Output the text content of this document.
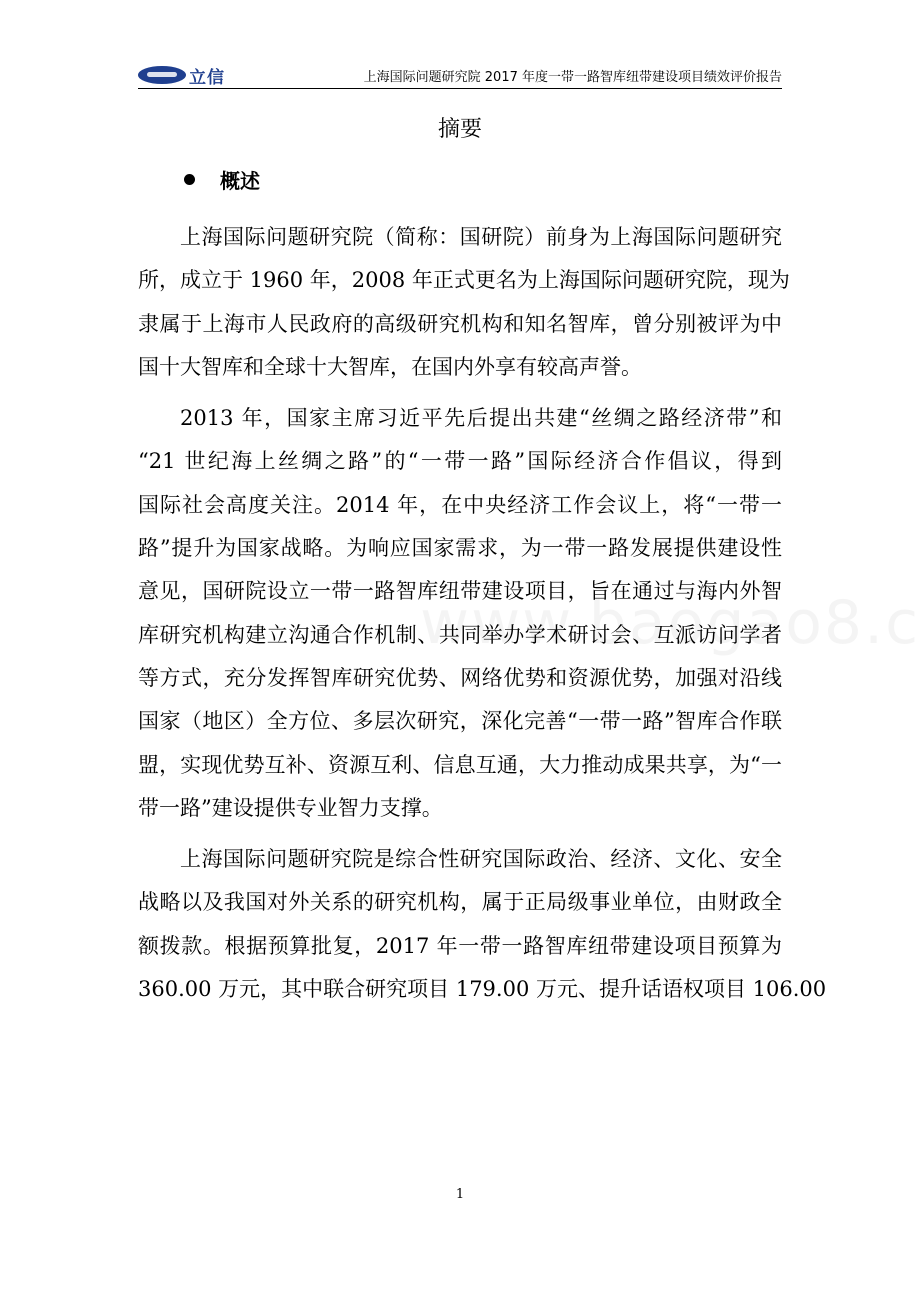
立信	上海国际问题研究院 2017 年度一带一路智库纽带建设项目绩效评价报告
摘要
概述
上海国际问题研究院（简称：国研院）前身为上海国际问题研究
所，成立于 1960 年，2008 年正式更名为上海国际问题研究院，现为
隶属于上海市人民政府的高级研究机构和知名智库，曾分别被评为中
国十大智库和全球十大智库，在国内外享有较高声誉。
2013 年，国家主席习近平先后提出共建“丝绸之路经济带”和
“21 世纪海上丝绸之路”的“一带一路”国际经济合作倡议，得到
国际社会高度关注。2014 年，在中央经济工作会议上，将“一带一
路”提升为国家战略。为响应国家需求，为一带一路发展提供建设性
意见，国研院设立一带一路智库纽带建设项目，旨在通过与海内外智
库研究机构建立沟通合作机制、共同举办学术研讨会、互派访问学者
等方式，充分发挥智库研究优势、网络优势和资源优势，加强对沿线
国家（地区）全方位、多层次研究，深化完善“一带一路”智库合作联
盟，实现优势互补、资源互利、信息互通，大力推动成果共享，为“一
带一路”建设提供专业智力支撑。
上海国际问题研究院是综合性研究国际政治、经济、文化、安全
战略以及我国对外关系的研究机构，属于正局级事业单位，由财政全
额拨款。根据预算批复，2017 年一带一路智库纽带建设项目预算为
360.00 万元，其中联合研究项目 179.00 万元、提升话语权项目 106.00
1
